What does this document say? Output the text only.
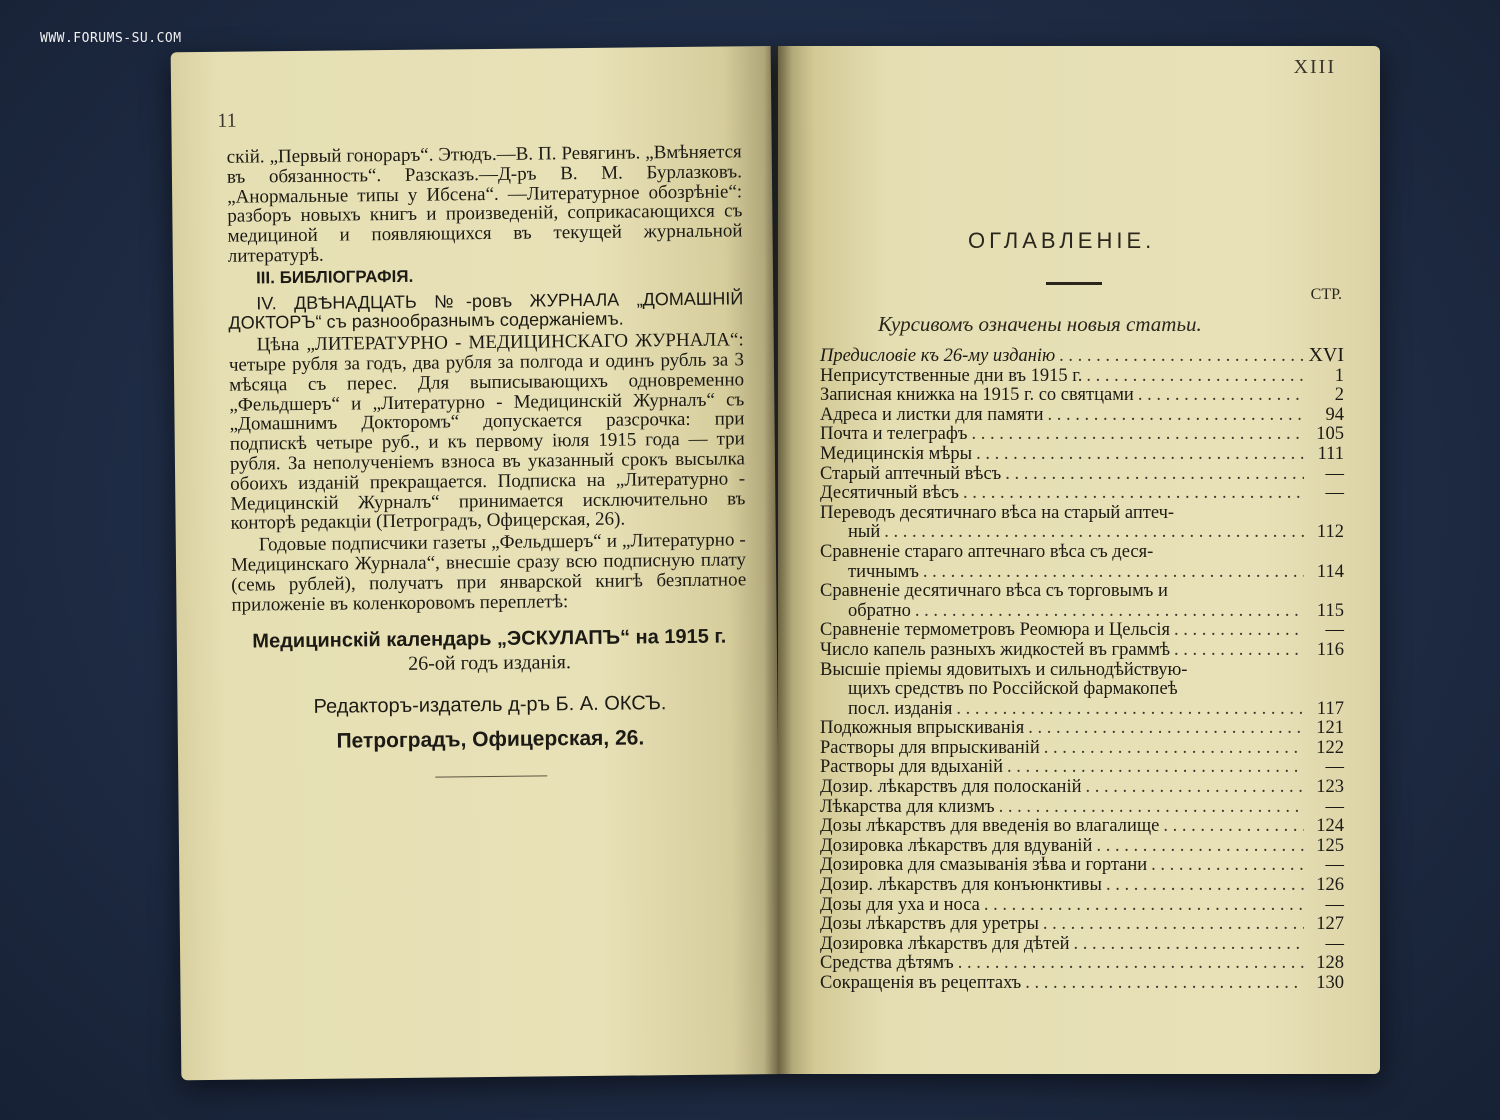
WWW.FORUMS-SU.COM
11

скій. „Первый гонораръ“. Этюдъ.—В. П. Ревягинъ. „Вмѣняется въ обязанность“. Разсказъ.—Д-ръ В. М. Бурлазковъ. „Анормальные типы у Ибсена“. —Литературное обозрѣніе“: разборъ новыхъ книгъ и произведеній, соприкасающихся съ медициной и появляющихся въ текущей журнальной литературѣ.

III. БИБЛІОГРАФІЯ.

IV. ДВѢНАДЦАТЬ №-ровъ ЖУРНАЛА „ДОМАШНІЙ ДОКТОРЪ“ съ разнообразнымъ содержаніемъ.

Цѣна „ЛИТЕРАТУРНО - МЕДИЦИНСКАГО ЖУРНАЛА“: четыре рубля за годъ, два рубля за полгода и одинъ рубль за 3 мѣсяца съ перес. Для выписывающихъ одновременно „Фельдшеръ“ и „Литературно - Медицинскій Журналъ“ съ „Домашнимъ Докторомъ“ допускается разсрочка: при подпискѣ четыре руб., и къ первому іюля 1915 года — три рубля. За неполученіемъ взноса въ указанный срокъ высылка обоихъ изданій прекращается. Подписка на „Литературно - Медицинскій Журналъ“ принимается исключительно въ конторѣ редакціи (Петроградъ, Офицерская, 26).

Годовые подписчики газеты „Фельдшеръ“ и „Литературно - Медицинскаго Журнала“, внесшіе сразу всю подписную плату (семь рублей), получатъ при январской книгѣ безплатное приложеніе въ коленкоровомъ переплетѣ:

Медицинскій календарь „ЭСКУЛАПЪ“ на 1915 г.
26-ой годъ изданія.
Редакторъ-издатель д-ръ Б. А. ОКСЪ.
Петроградъ, Офицерская, 26.
XIII
ОГЛАВЛЕНІЕ.
СТР.
Курсивомъ означены новыя статьи.
Предисловіе къ 26-му изданію . . .	XVI
Неприсутственные дни въ 1915 г. . . .	1
Записная книжка на 1915 г. со святцами . . .	2
Адреса и листки для памяти . . .	94
Почта и телеграфъ . . .	105
Медицинскія мѣры . . .	111
Старый аптечный вѣсъ . . .	—
Десятичный вѣсъ . . .	—
Переводъ десятичнаго вѣса на старый аптеч-
ный . . .	112
Сравненіе стараго аптечнаго вѣса съ деся-
тичнымъ . . .	114
Сравненіе десятичнаго вѣса съ торговымъ и
обратно . . .	115
Сравненіе термометровъ Реомюра и Цельсія . . .	—
Число капель разныхъ жидкостей въ граммѣ . . .	116
Высшіе пріемы ядовитыхъ и сильнодѣйствую-
щихъ средствъ по Россійской фармакопеѣ
посл. изданія . . .	117
Подкожныя впрыскиванія . . .	121
Растворы для впрыскиваній . . .	122
Растворы для вдыханій . . .	—
Дозир. лѣкарствъ для полосканій . . .	123
Лѣкарства для клизмъ . . .	—
Дозы лѣкарствъ для введенія во влагалище . . .	124
Дозировка лѣкарствъ для вдуваній . . .	125
Дозировка для смазыванія зѣва и гортани . . .	—
Дозир. лѣкарствъ для конъюнктивы . . .	126
Дозы для уха и носа . . .	—
Дозы лѣкарствъ для уретры . . .	127
Дозировка лѣкарствъ для дѣтей . . .	—
Средства дѣтямъ . . .	128
Сокращенія въ рецептахъ . . .	130
